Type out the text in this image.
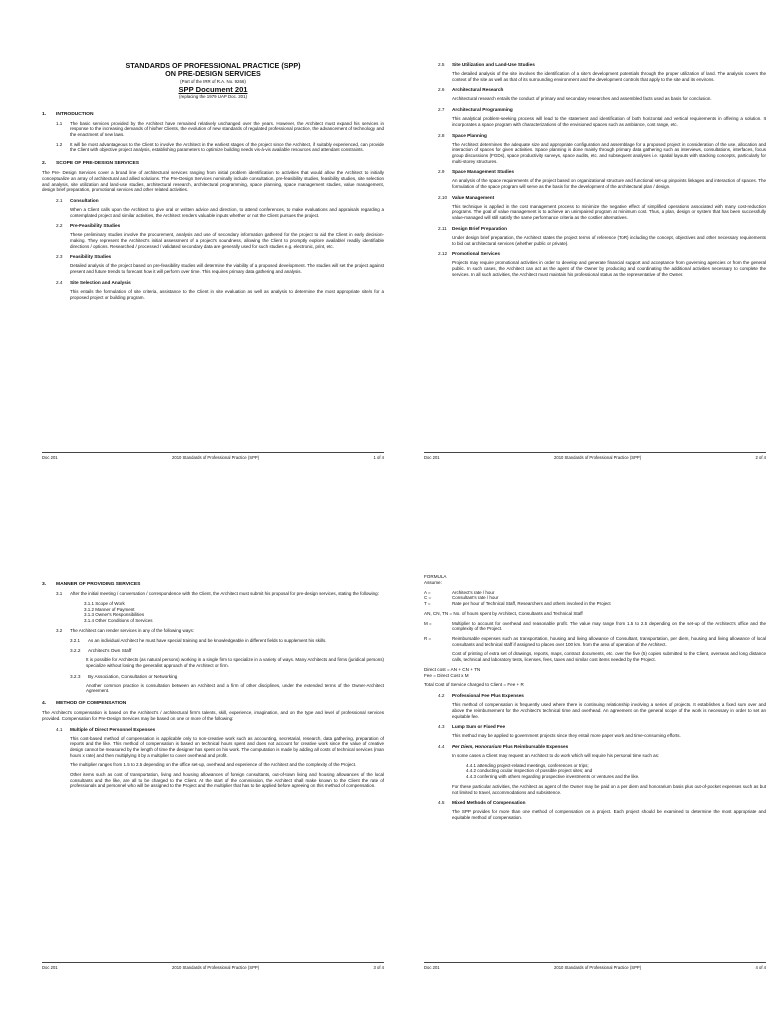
STANDARDS OF PROFESSIONAL PRACTICE (SPP)
ON PRE-DESIGN SERVICES
(Part of the IRR of R.A. No. 9266)
SPP Document 201
(replacing the 1979 UAP Doc. 201)
1. INTRODUCTION
1.1	The basic services provided by the Architect have remained relatively unchanged over the years. However, the Architect must expand his services in response to the increasing demands of his/her Clients, the evolution of new standards of regulated professional practice, the advancement of technology and the enactment of new laws.
1.2	It will be most advantageous to the Client to involve the Architect in the earliest stages of the project since the Architect, if suitably experienced, can provide the Client with objective project analysis, establishing parameters to optimize building needs vis-à-vis available resources and attendant constraints.
2. SCOPE OF PRE-DESIGN SERVICES

The Pre- Design Services cover a broad line of architectural services ranging from initial problem identification to activities that would allow the Architect to initially conceptualize an array of architectural and allied solutions. The Pre-Design Services nominally include consultation, pre-feasibility studies, feasibility studies, site selection and analysis, site utilization and land-use studies, architectural research, architectural programming, space planning, space management studies, value management, design brief preparation, promotional services and other related activities.

2.1 Consultation

When a Client calls upon the Architect to give oral or written advice and direction, to attend conferences, to make evaluations and appraisals regarding a contemplated project and similar activities, the Architect renders valuable inputs whether or not the Client pursues the project.

2.2 Pre-Feasibility Studies

These preliminary studies involve the procurement, analysis and use of secondary information gathered for the project to aid the Client in early decision-making. They represent the Architect's initial assessment of a project's soundness, allowing the Client to promptly explore available/ readily identifiable directions / options. Researched / processed / validated secondary data are generally used for such studies e.g. electronic, print, etc.

2.3 Feasibility Studies

Detailed analysis of the project based on pre-feasibility studies will determine the viability of a proposed development. The studies will set the project against present and future trends to forecast how it will perform over time. This requires primary data gathering and analysis.

2.4 Site Selection and Analysis

This entails the formulation of site criteria, assistance to the Client in site evaluation as well as analysis to determine the most appropriate site/s for a proposed project or building program.

Doc 201	2010 Standards of Professional Practice (SPP)	1 of 4
2.5 Site Utilization and Land-Use Studies

The detailed analysis of the site involves the identification of a site's development potentials through the proper utilization of land. The analysis covers the context of the site as well as that of its surrounding environment and the development controls that apply to the site and its environs.

2.6 Architectural Research

Architectural research entails the conduct of primary and secondary researches and assembled facts used as basis for conclusion.

2.7 Architectural Programming

This analytical problem-seeking process will lead to the statement and identification of both horizontal and vertical requirements in offering a solution. It incorporates a space program with characterizations of the envisioned spaces such as ambiance, cost range, etc.

2.8 Space Planning

The Architect determines the adequate size and appropriate configuration and assemblage for a proposed project in consideration of the use, allocation and interaction of spaces for given activities. Space planning is done mainly through primary data gathering such as interviews, consultations, interfaces, focus group discussions (FGDs), space productivity surveys, space audits, etc. and subsequent analyses i.e. spatial layouts with stacking concepts, particularly for multi-storey structures.

2.9 Space Management Studies

An analysis of the space requirements of the project based on organizational structure and functional set-up pinpoints linkages and interaction of spaces. The formulation of the space program will serve as the basis for the development of the architectural plan / design.

2.10 Value Management

This technique is applied in the cost management process to minimize the negative effect of simplified operations associated with many cost-reduction programs. The goal of value management is to achieve an unimpaired program at minimum cost. Thus, a plan, design or system that has been successfully value-managed will still satisfy the same performance criteria as the costlier alternatives.

2.11 Design Brief Preparation

Under design brief preparation, the Architect states the project terms of reference (ToR) including the concept, objectives and other necessary requirements to bid out architectural services (whether public or private).

2.12 Promotional Services

Projects may require promotional activities in order to develop and generate financial support and acceptance from governing agencies or from the general public. In such cases, the Architect can act as the agent of the Owner by producing and coordinating the additional activities necessary to complete the services. In all such activities, the Architect must maintain his professional status as the representative of the Owner.

Doc 201	2010 Standards of Professional Practice (SPP)	2 of 4
3. MANNER OF PROVIDING SERVICES
3.1	After the initial meeting / conversation / correspondence with the Client, the Architect must submit his proposal for pre-design services, stating the following:
3.1.1 Scope of Work
3.1.2 Manner of Payment
3.1.3 Owner's Responsibilities
3.1.4 Other Conditions of Services
3.2	The Architect can render services in any of the following ways:
3.2.1	As an individual Architect he must have special training and be knowledgeable in different fields to supplement his skills.
3.2.2 Architect's Own Staff

It is possible for Architects (as natural persons) working in a single firm to specialize in a variety of ways. Many Architects and firms (juridical persons) specialize without losing the generalist approach of the Architect or firm.

3.2.3 By Association, Consultation or Networking

Another common practice is consultation between an Architect and a firm of other disciplines, under the extended terms of the Owner-Architect Agreement.

4. METHOD OF COMPENSATION

The Architect's compensation is based on the Architect's / architectural firm's talents, skill, experience, imagination, and on the type and level of professional services provided. Compensation for Pre-Design Services may be based on one or more of the following:

4.1 Multiple of Direct Personnel Expenses

This cost-based method of compensation is applicable only to non-creative work such as accounting, secretarial, research, data gathering, preparation of reports and the like. This method of compensation is based on technical hours spent and does not account for creative work since the value of creative design cannot be measured by the length of time the designer has spent on his work. The computation is made by adding all costs of technical services (man hours x rate) and then multiplying it by a multiplier to cover overhead and profit.

The multiplier ranges from 1.5 to 2.5 depending on the office set-up, overhead and experience of the Architect and the complexity of the Project.

Other items such as cost of transportation, living and housing allowances of foreign consultants, out-of-town living and housing allowances of the local consultants and the like, are all to be charged to the Client. At the start of the commission, the Architect shall make known to the Client the rate of professionals and personnel who will be assigned to the Project and the multiplier that has to be applied before agreeing on this method of compensation.

Doc 201	2010 Standards of Professional Practice (SPP)	3 of 4
FORMULA
Assume:
A =	Architect's rate / hour
C =	Consultant's rate / hour
T =	Rate per hour of Technical Staff, Researchers and others involved in the Project
AN, CN, TN = No. of hours spent by Architect, Consultants and Technical Staff
M =	Multiplier to account for overhead and reasonable profit. The value may range from 1.5 to 2.5 depending on the set-up of the Architect's office and the complexity of the Project.
R =	Reimbursable expenses such as transportation, housing and living allowance of Consultant, transportation, per diem, housing and living allowance of local consultants and technical staff if assigned to places over 100 km. from the area of operation of the Architect.
Cost of printing of extra set of drawings, reports, maps, contract documents, etc. over the five (5) copies submitted to the Client, overseas and long distance calls, technical and laboratory tests, licenses, fees, taxes and similar cost items needed by the Project.
Direct cost = AN + CN + TN
Fee = Direct Cost x M
Total Cost of Service charged to Client = Fee + R
4.2 Professional Fee Plus Expenses

This method of compensation is frequently used where there is continuing relationship involving a series of projects. It establishes a fixed sum over and above the reimbursement for the Architect's technical time and overhead. An agreement on the general scope of the work is necessary in order to set an equitable fee.

4.3 Lump Sum or Fixed Fee

This method may be applied to government projects since they entail more paper work and time-consuming efforts.

4.4 Per Diem, Honorarium Plus Reimbursable Expenses

In some cases a Client may request an Architect to do work which will require his personal time such as:

4.4.1 attending project-related meetings, conferences or trips;
4.4.2 conducting ocular inspection of possible project sites; and
4.4.3 conferring with others regarding prospective investments or ventures and the like.

For these particular activities, the Architect as agent of the Owner may be paid on a per diem and honorarium basis plus out-of-pocket expenses such as but not limited to travel, accommodations and subsistence.

4.5 Mixed Methods of Compensation

The SPP provides for more than one method of compensation on a project. Each project should be examined to determine the most appropriate and equitable method of compensation.

Doc 201	2010 Standards of Professional Practice (SPP)	4 of 4
